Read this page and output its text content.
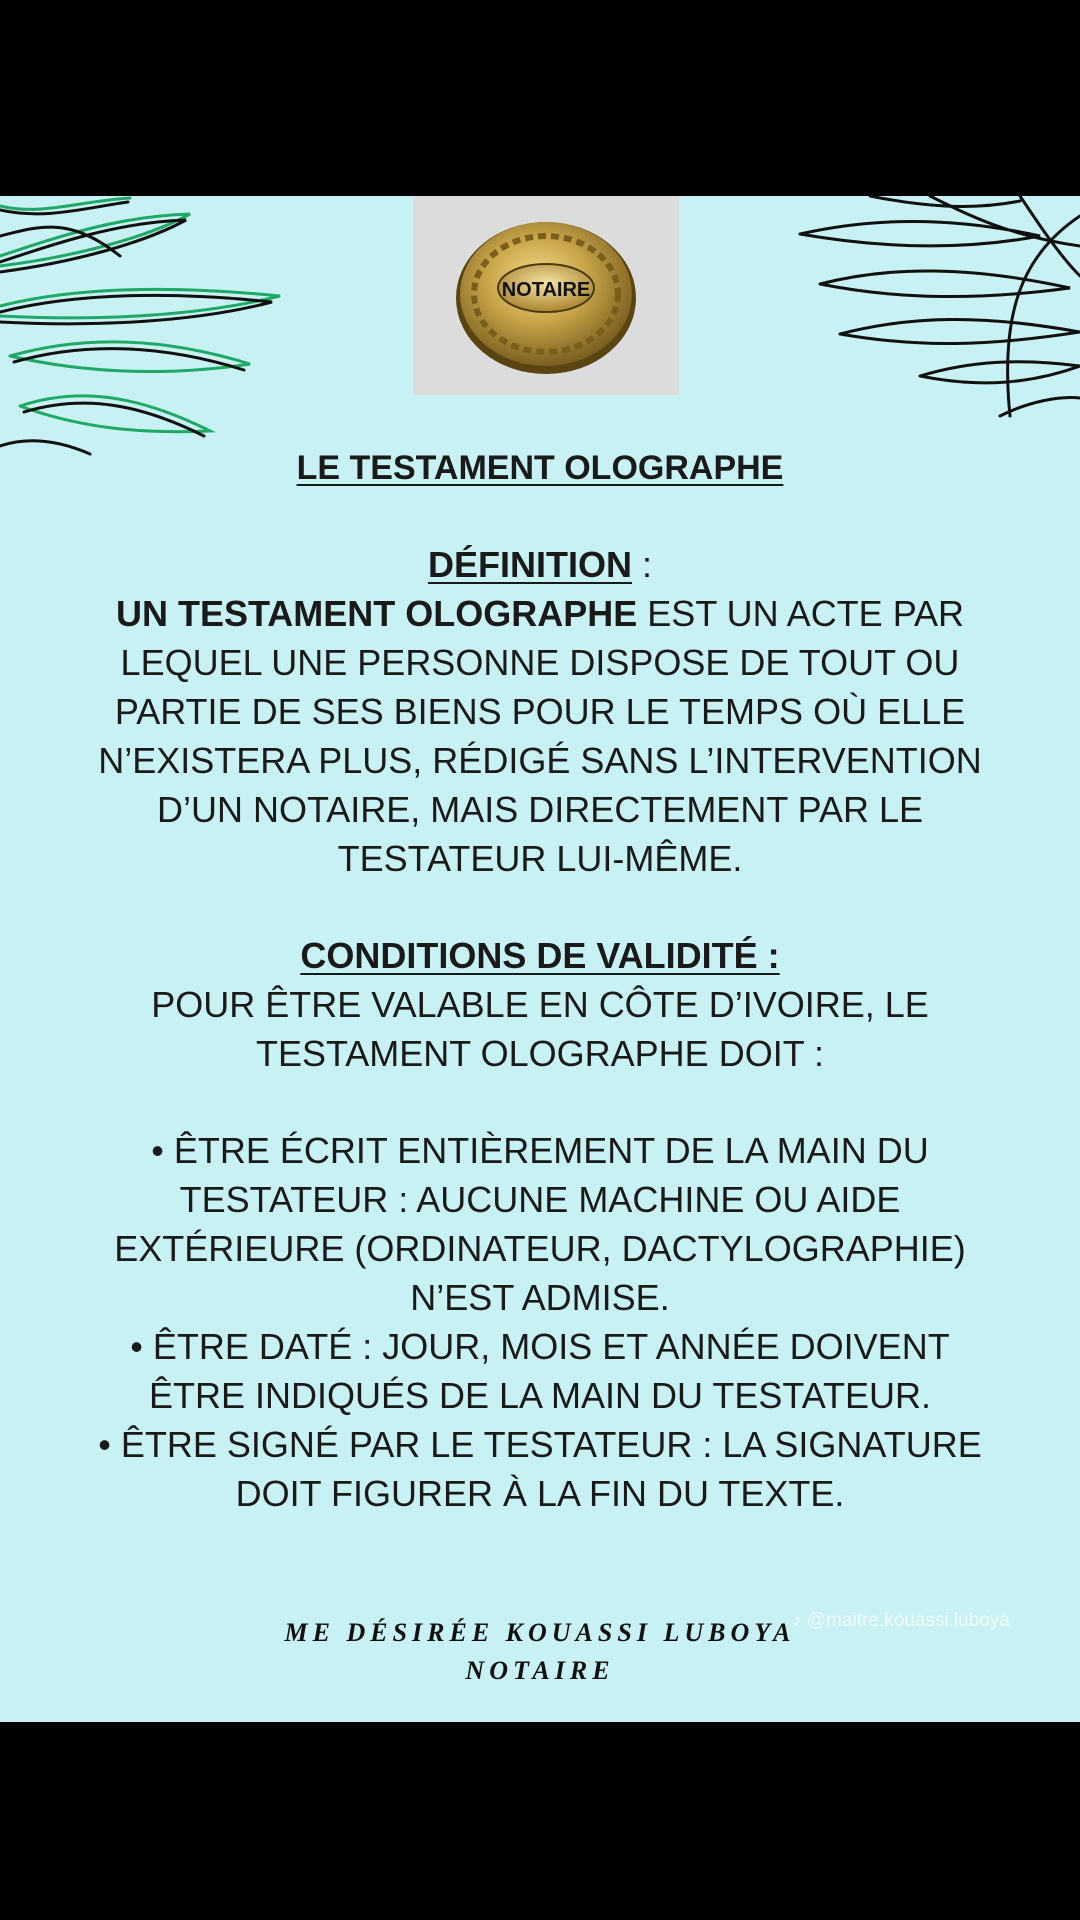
NOTAIRE

LE TESTAMENT OLOGRAPHE

DÉFINITION :

UN TESTAMENT OLOGRAPHE EST UN ACTE PAR

LEQUEL UNE PERSONNE DISPOSE DE TOUT OU

PARTIE DE SES BIENS POUR LE TEMPS OÙ ELLE

N’EXISTERA PLUS, RÉDIGÉ SANS L’INTERVENTION

D’UN NOTAIRE, MAIS DIRECTEMENT PAR LE

TESTATEUR LUI-MÊME.

CONDITIONS DE VALIDITÉ :

POUR ÊTRE VALABLE EN CÔTE D’IVOIRE, LE

TESTAMENT OLOGRAPHE DOIT :

• ÊTRE ÉCRIT ENTIÈREMENT DE LA MAIN DU

TESTATEUR : AUCUNE MACHINE OU AIDE

EXTÉRIEURE (ORDINATEUR, DACTYLOGRAPHIE)

N’EST ADMISE.

• ÊTRE DATÉ : JOUR, MOIS ET ANNÉE DOIVENT

ÊTRE INDIQUÉS DE LA MAIN DU TESTATEUR.

• ÊTRE SIGNÉ PAR LE TESTATEUR : LA SIGNATURE

DOIT FIGURER À LA FIN DU TEXTE.

♪ @maitre.kouassi.luboya
ME DÉSIRÉE KOUASSI LUBOYA
NOTAIRE
